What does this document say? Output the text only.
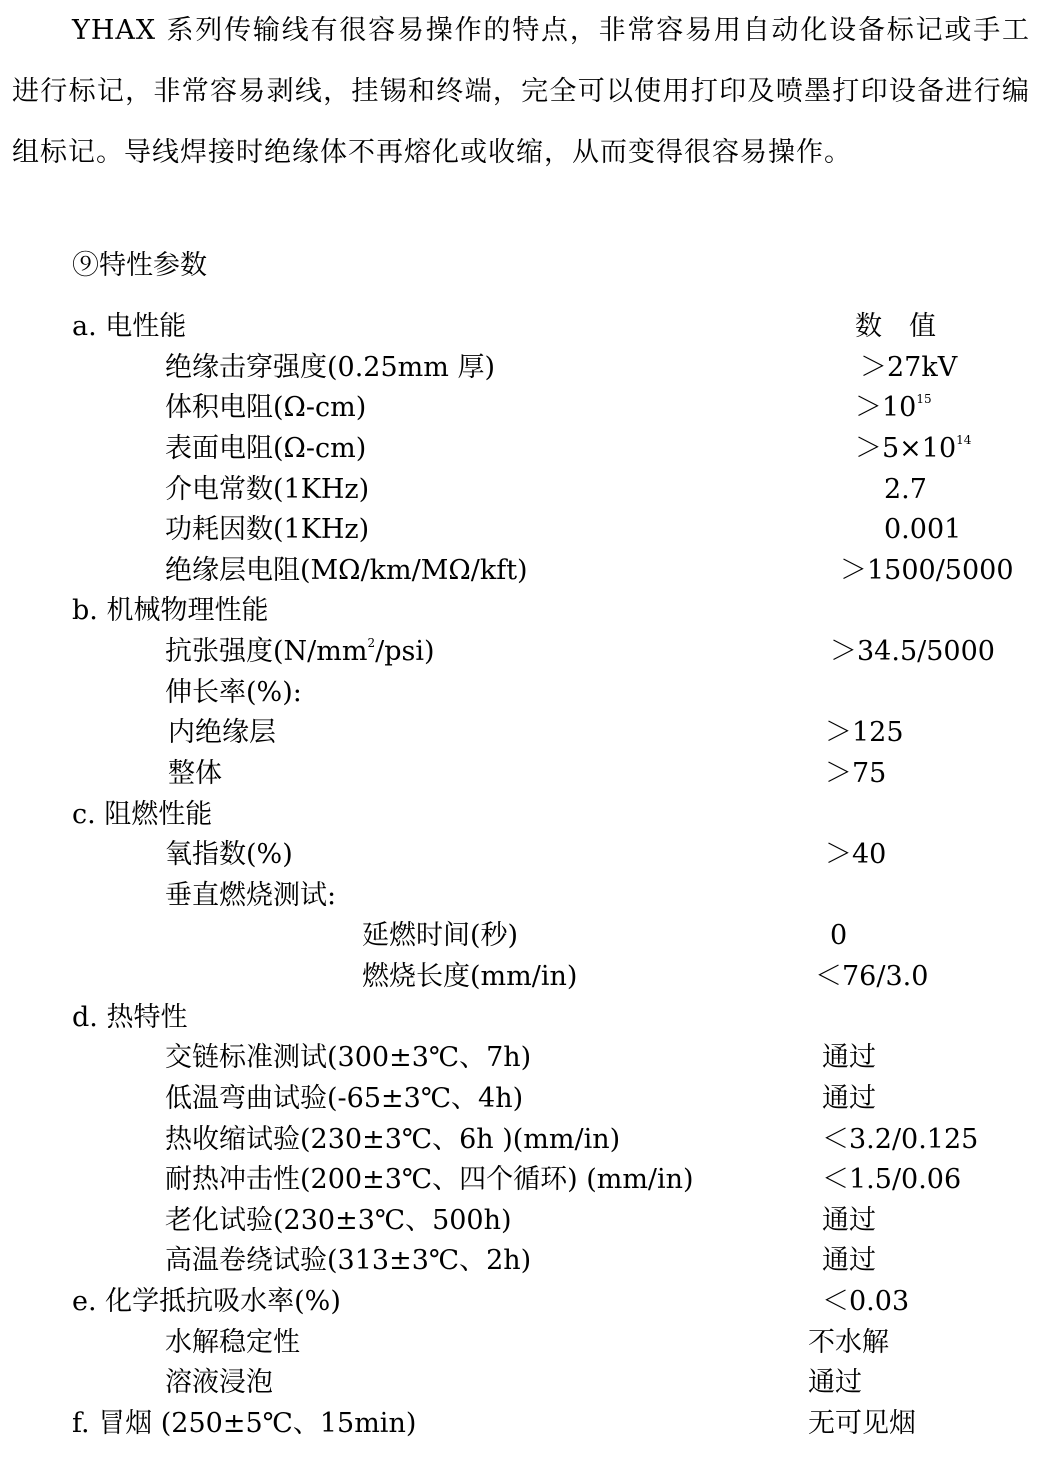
YHAX 系列传输线有很容易操作的特点，非常容易用自动化设备标记或手工进行标记，非常容易剥线，挂锡和终端，完全可以使用打印及喷墨打印设备进行编组标记。导线焊接时绝缘体不再熔化或收缩，从而变得很容易操作。

⑨特性参数
a. 电性能	数　值
绝缘击穿强度(0.25mm 厚)	＞27kV
体积电阻(Ω-cm)	$>10^{15}$
表面电阻(Ω-cm)	$>5\times 10^{14}$
介电常数(1KHz)	2.7
功耗因数(1KHz)	0.001
绝缘层电阻(MΩ/km/MΩ/kft)	＞1500/5000
b. 机械物理性能
抗张强度$(N/mm^2/psi)$	＞34.5/5000
伸长率(%):
内绝缘层	＞125
整体	＞75
c. 阻燃性能
氧指数(%)	＞40
垂直燃烧测试:
延燃时间(秒)	0
燃烧长度(mm/in)	＜76/3.0
d. 热特性
交链标准测试(300±3℃、7h)	通过
低温弯曲试验(-65±3℃、4h)	通过
热收缩试验(230±3℃、6h )(mm/in)	＜3.2/0.125
耐热冲击性(200±3℃、四个循环) (mm/in)	＜1.5/0.06
老化试验(230±3℃、500h)	通过
高温卷绕试验(313±3℃、2h)	通过
e. 化学抵抗吸水率(%)	＜0.03
水解稳定性	不水解
溶液浸泡	通过
f. 冒烟 (250±5℃、15min)	无可见烟
